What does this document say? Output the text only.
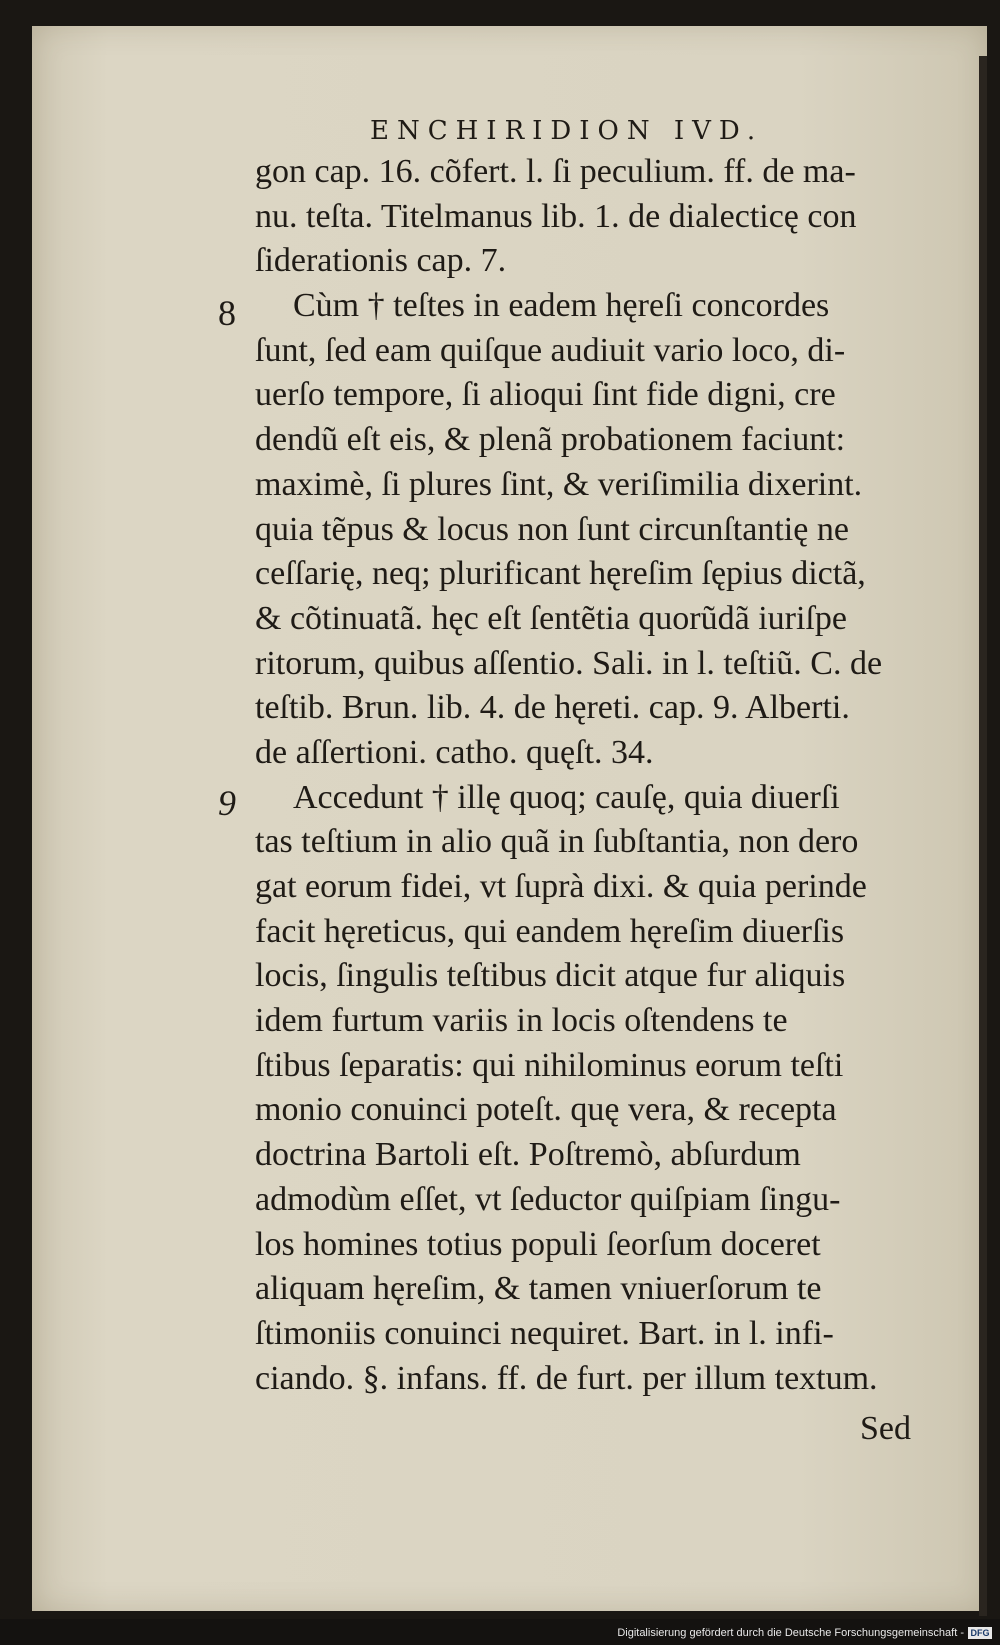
ENCHIRIDION IVD.
8
9
gon cap. 16. cõfert. l. ſi peculium. ff. de ma-
nu. teſta. Titelmanus lib. 1. de dialecticę con
ſiderationis cap. 7.
Cùm † teſtes in eadem hęreſi concordes
ſunt, ſed eam quiſque audiuit vario loco, di-
uerſo tempore, ſi alioqui ſint fide digni, cre
dendũ eſt eis, & plenã probationem faciunt:
maximè, ſi plures ſint, & veriſimilia dixerint.
quia tẽpus & locus non ſunt circunſtantię ne
ceſſarię, neq; plurificant hęreſim ſępius dictã,
& cõtinuatã. hęc eſt ſentẽtia quorũdã iuriſpe
ritorum, quibus aſſentio. Sali. in l. teſtiũ. C. de
teſtib. Brun. lib. 4. de hęreti. cap. 9. Alberti.
de aſſertioni. catho. quęſt. 34.
Accedunt † illę quoq; cauſę, quia diuerſi
tas teſtium in alio quã in ſubſtantia, non dero
gat eorum fidei, vt ſuprà dixi. & quia perinde
facit hęreticus, qui eandem hęreſim diuerſis
locis, ſingulis teſtibus dicit atque fur aliquis
idem furtum variis in locis oſtendens te
ſtibus ſeparatis: qui nihilominus eorum teſti
monio conuinci poteſt. quę vera, & recepta
doctrina Bartoli eſt. Poſtremò, abſurdum
admodùm eſſet, vt ſeductor quiſpiam ſingu-
los homines totius populi ſeorſum doceret
aliquam hęreſim, & tamen vniuerſorum te
ſtimoniis conuinci nequiret. Bart. in l. infi-
ciando. §. infans. ff. de furt. per illum textum.
Sed
Digitalisierung gefördert durch die Deutsche Forschungsgemeinschaft - DFG
